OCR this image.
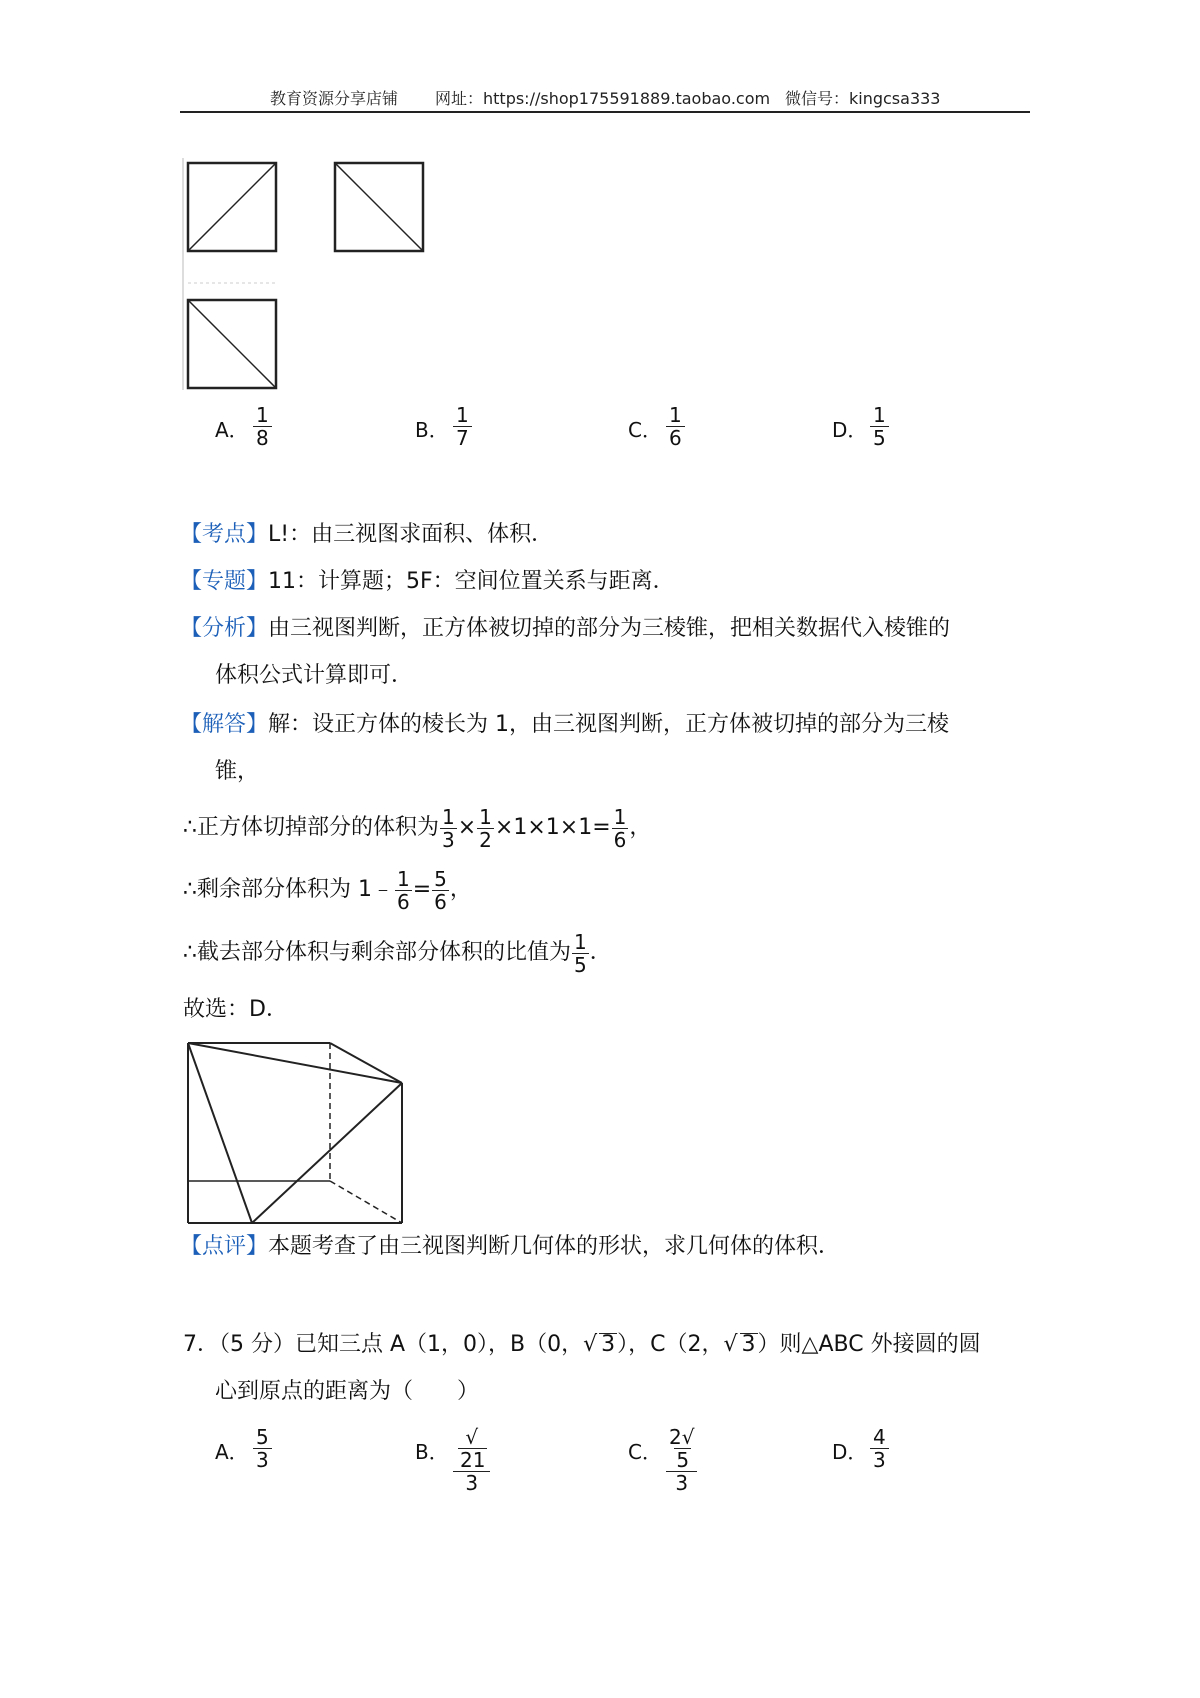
教育资源分享店铺 网址：https://shop175591889.taobao.com 微信号：kingcsa333
A． $\frac{1}{8}$	B． $\frac{1}{7}$	C． $\frac{1}{6}$	D． $\frac{1}{5}$
【考点】L!：由三视图求面积、体积．
【专题】11：计算题；5F：空间位置关系与距离．
【分析】由三视图判断，正方体被切掉的部分为三棱锥，把相关数据代入棱锥的
体积公式计算即可．
【解答】解：设正方体的棱长为 1，由三视图判断，正方体被切掉的部分为三棱
锥，
∴正方体切掉部分的体积为 $\frac{1}{3} \times \frac{1}{2} \times 1\times 1\times 1= \frac{1}{6}$ ，
∴剩余部分体积为 1﹣ $\frac{1}{6} = \frac{5}{6}$ ，
∴截去部分体积与剩余部分体积的比值为 $\frac{1}{5}$ ．
故选：D．
【点评】本题考查了由三视图判断几何体的形状，求几何体的体积．
7．（5 分）已知三点 A（1，0），B（0，√ 3），C（2，√ 3）则△ABC 外接圆的圆
心到原点的距离为（　　）
A． $\frac{5}{3}$	B． $\frac{√21}{3}$	C． $\frac{2√5}{3}$	D． $\frac{4}{3}$
